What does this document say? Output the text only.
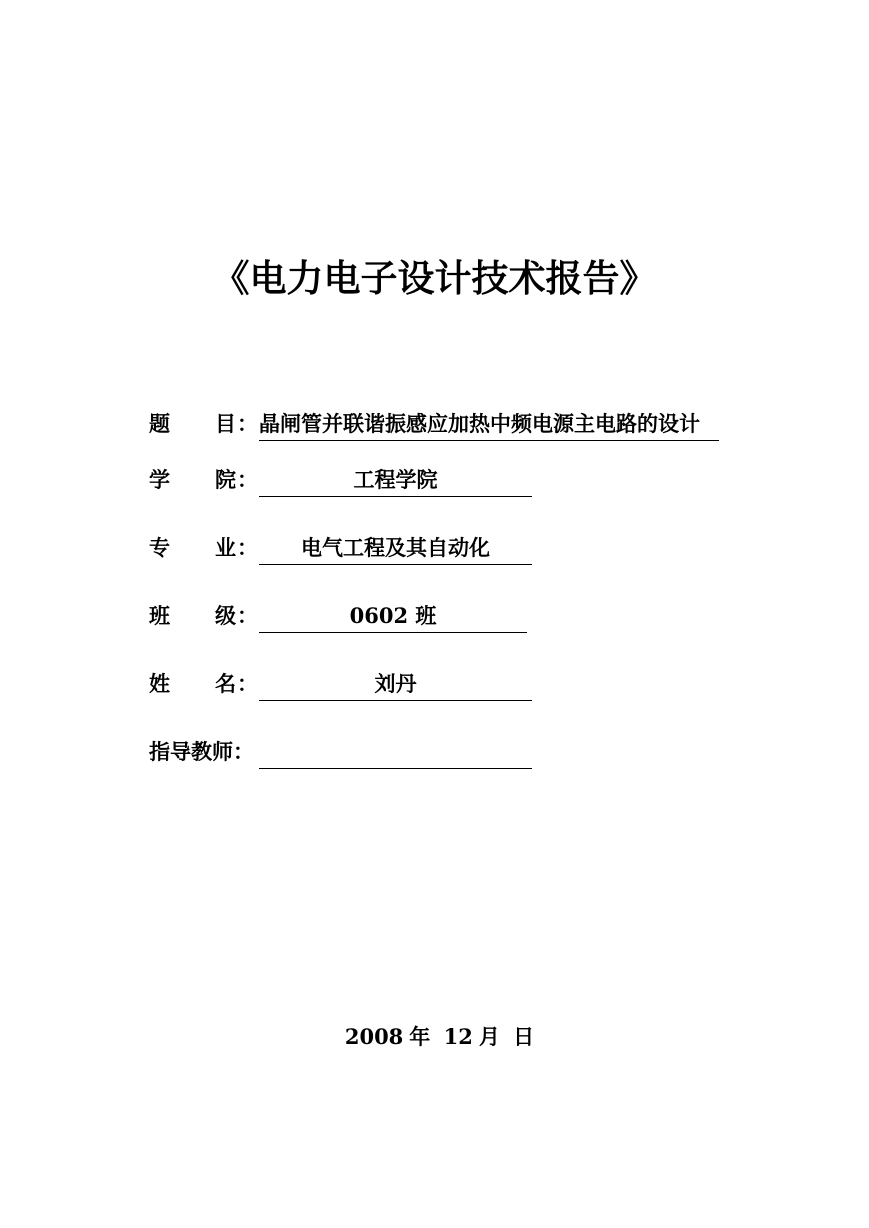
《电力电子设计技术报告》
题 目 ： 晶闸管并联谐振感应加热中频电源主电路的设计
学 院 ：	工程学院
专 业 ：	电气工程及其自动化
班 级 ：	0602 班
姓 名 ：	刘丹
指导教师：
2008 年 12 月 日
